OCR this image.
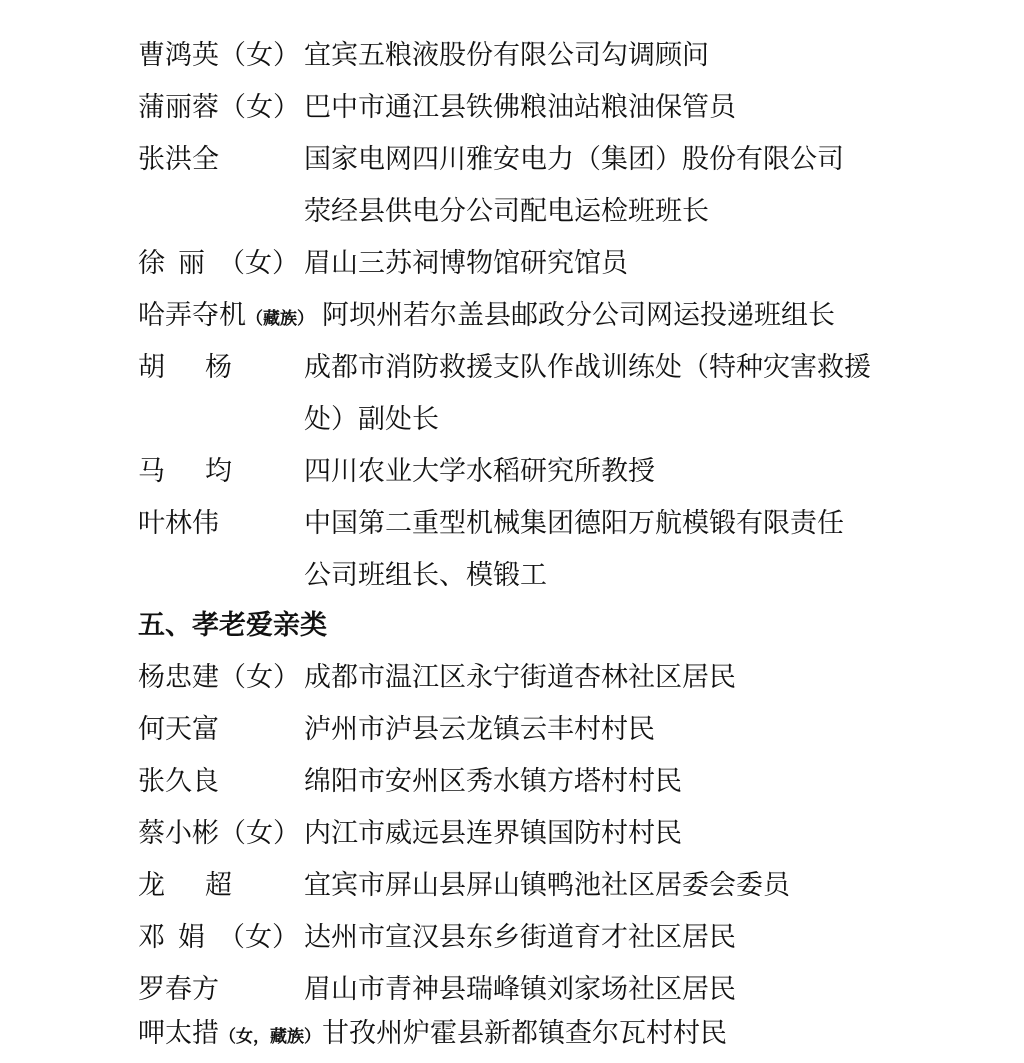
曹鸿英（女） 宜宾五粮液股份有限公司勾调顾问
蒲丽蓉（女） 巴中市通江县铁佛粮油站粮油保管员
张洪全	国家电网四川雅安电力（集团）股份有限公司
荥经县供电分公司配电运检班班长
徐丽（女） 眉山三苏祠博物馆研究馆员
哈弄夺机（藏族） 阿坝州若尔盖县邮政分公司网运投递班组长
胡杨 成都市消防救援支队作战训练处（特种灾害救援
处）副处长
马均 四川农业大学水稻研究所教授
叶林伟	中国第二重型机械集团德阳万航模锻有限责任
公司班组长、模锻工
五、孝老爱亲类
杨忠建（女） 成都市温江区永宁街道杏林社区居民
何天富	泸州市泸县云龙镇云丰村村民
张久良	绵阳市安州区秀水镇方塔村村民
蔡小彬（女） 内江市威远县连界镇国防村村民
龙超 宜宾市屏山县屏山镇鸭池社区居委会委员
邓娟（女） 达州市宣汉县东乡街道育才社区居民
罗春方	眉山市青神县瑞峰镇刘家场社区居民
呷太措（女，藏族） 甘孜州炉霍县新都镇查尔瓦村村民
